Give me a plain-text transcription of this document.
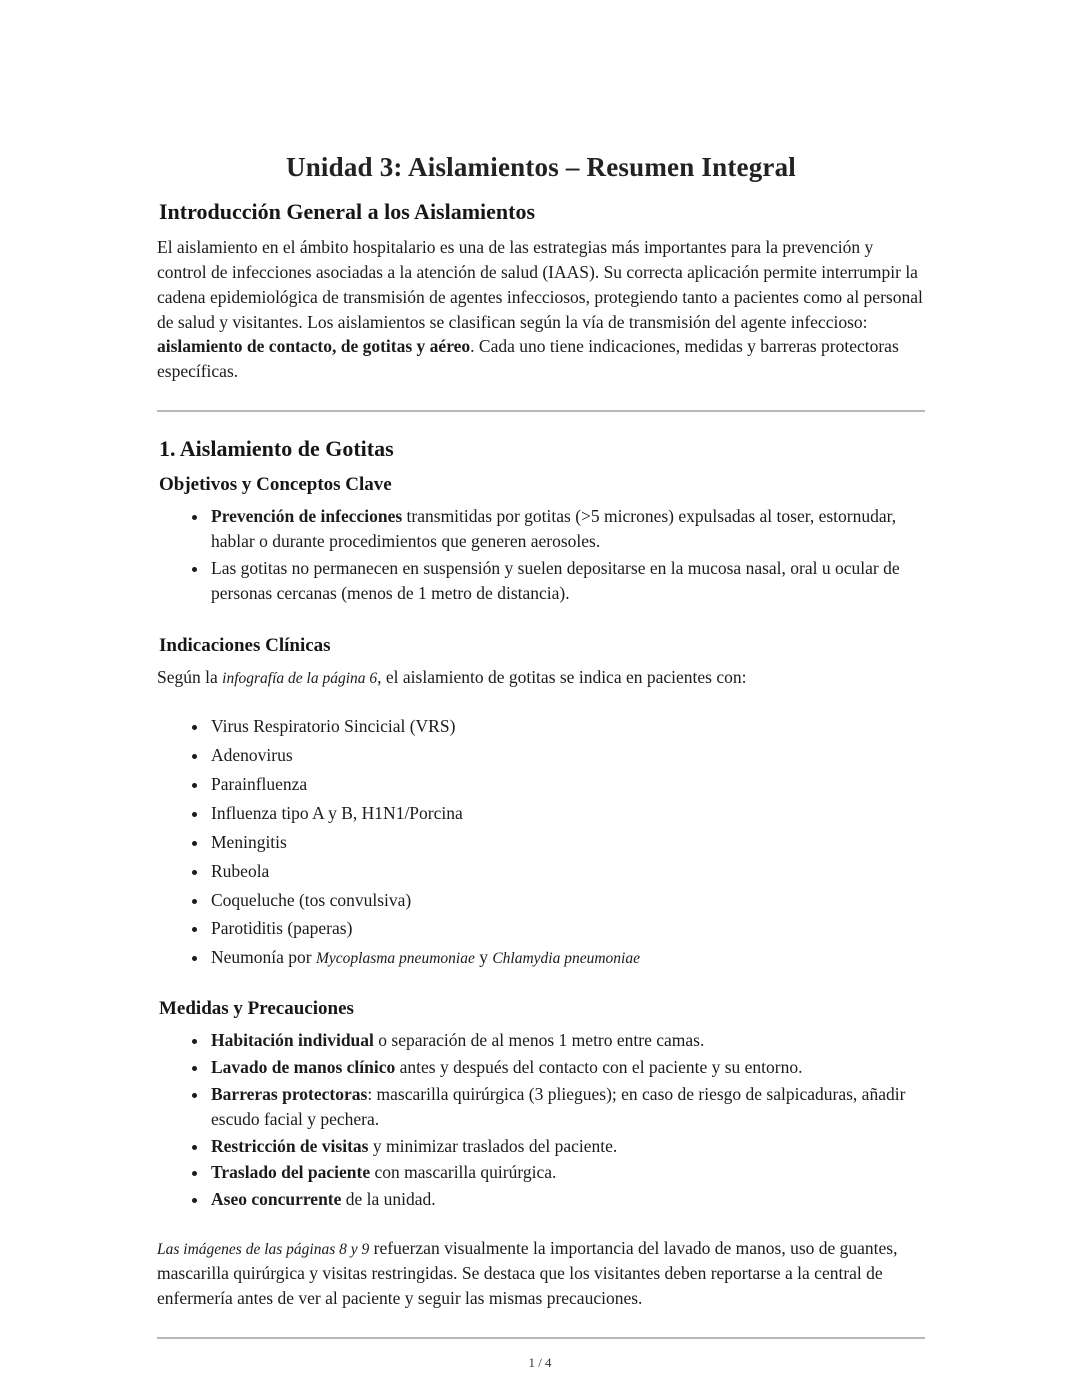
Unidad 3: Aislamientos – Resumen Integral
Introducción General a los Aislamientos

El aislamiento en el ámbito hospitalario es una de las estrategias más importantes para la prevención y control de infecciones asociadas a la atención de salud (IAAS). Su correcta aplicación permite interrumpir la cadena epidemiológica de transmisión de agentes infecciosos, protegiendo tanto a pacientes como al personal de salud y visitantes. Los aislamientos se clasifican según la vía de transmisión del agente infeccioso: aislamiento de contacto, de gotitas y aéreo. Cada uno tiene indicaciones, medidas y barreras protectoras específicas.

1. Aislamiento de Gotitas
Objetivos y Conceptos Clave
• Prevención de infecciones transmitidas por gotitas (>5 micrones) expulsadas al toser, estornudar, hablar o durante procedimientos que generen aerosoles.
• Las gotitas no permanecen en suspensión y suelen depositarse en la mucosa nasal, oral u ocular de personas cercanas (menos de 1 metro de distancia).
Indicaciones Clínicas

Según la infografía de la página 6, el aislamiento de gotitas se indica en pacientes con:

• Virus Respiratorio Sincicial (VRS)
• Adenovirus
• Parainfluenza
• Influenza tipo A y B, H1N1/Porcina
• Meningitis
• Rubeola
• Coqueluche (tos convulsiva)
• Parotiditis (paperas)
• Neumonía por Mycoplasma pneumoniae y Chlamydia pneumoniae
Medidas y Precauciones
• Habitación individual o separación de al menos 1 metro entre camas.
• Lavado de manos clínico antes y después del contacto con el paciente y su entorno.
• Barreras protectoras: mascarilla quirúrgica (3 pliegues); en caso de riesgo de salpicaduras, añadir escudo facial y pechera.
• Restricción de visitas y minimizar traslados del paciente.
• Traslado del paciente con mascarilla quirúrgica.
• Aseo concurrente de la unidad.

Las imágenes de las páginas 8 y 9 refuerzan visualmente la importancia del lavado de manos, uso de guantes, mascarilla quirúrgica y visitas restringidas. Se destaca que los visitantes deben reportarse a la central de enfermería antes de ver al paciente y seguir las mismas precauciones.

1 / 4
